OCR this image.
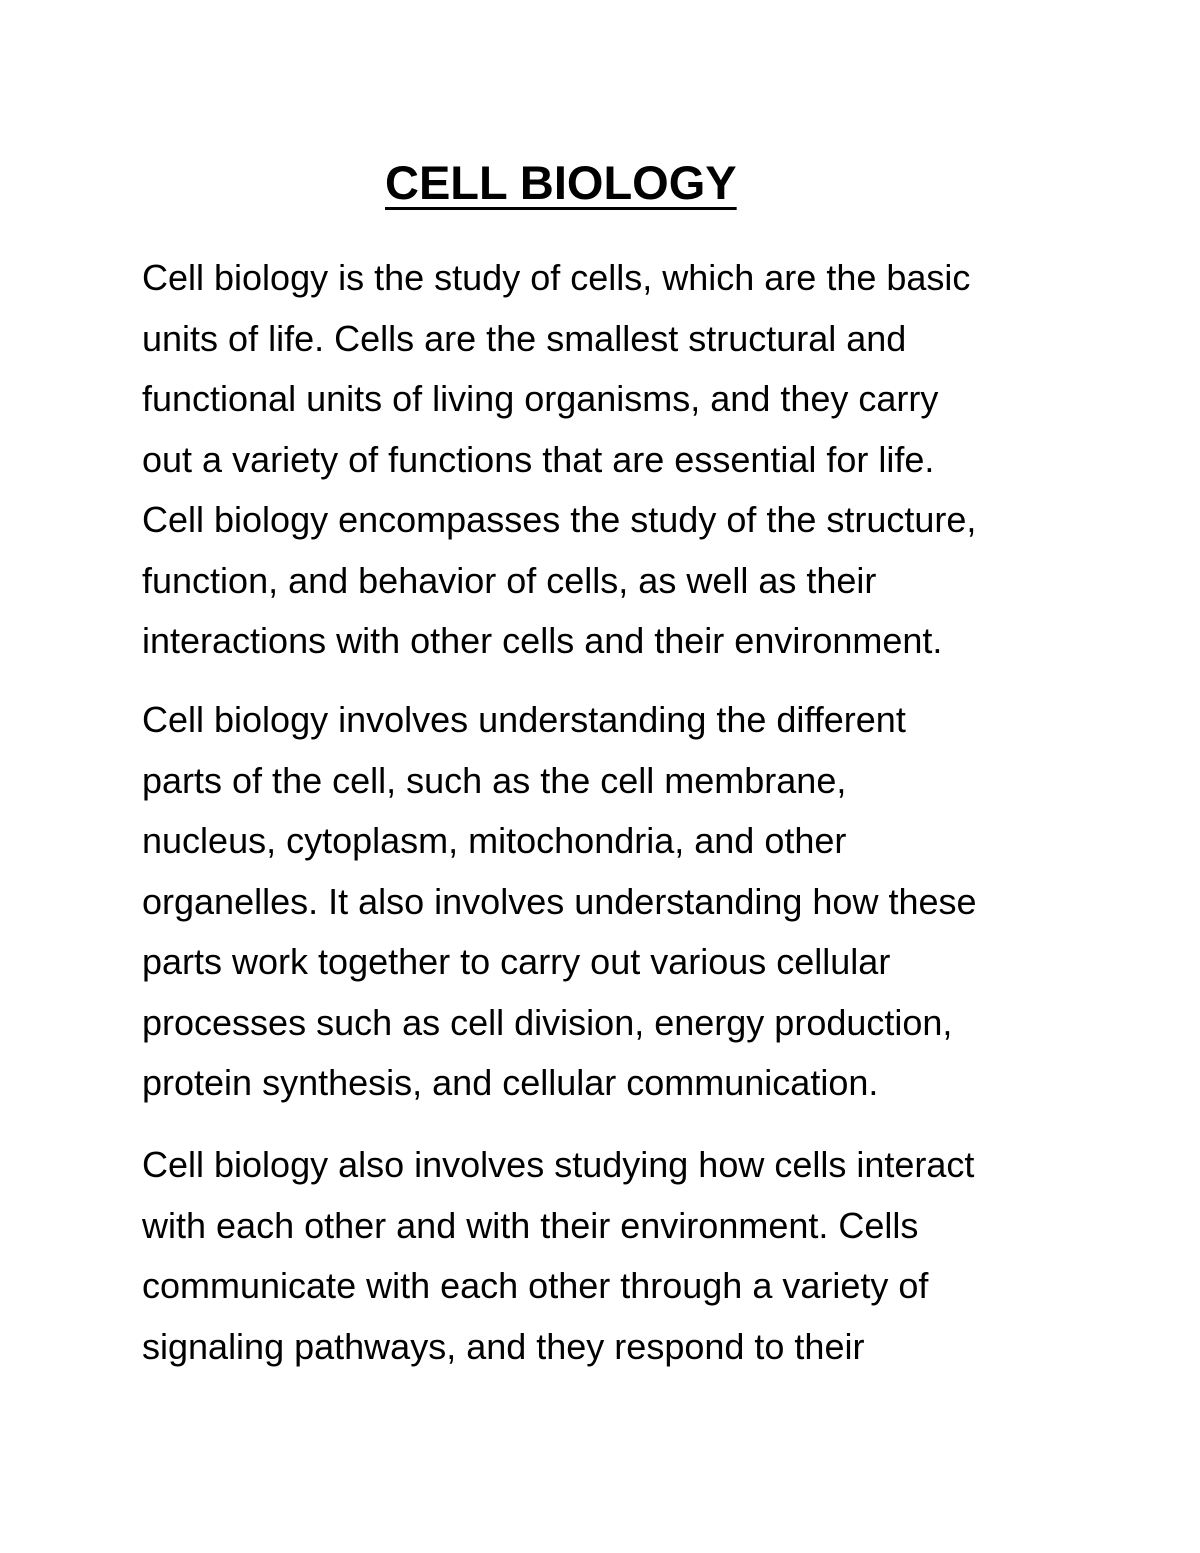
CELL BIOLOGY

Cell biology is the study of cells, which are the basic
units of life. Cells are the smallest structural and
functional units of living organisms, and they carry
out a variety of functions that are essential for life.
Cell biology encompasses the study of the structure,
function, and behavior of cells, as well as their
interactions with other cells and their environment.

Cell biology involves understanding the different
parts of the cell, such as the cell membrane,
nucleus, cytoplasm, mitochondria, and other
organelles. It also involves understanding how these
parts work together to carry out various cellular
processes such as cell division, energy production,
protein synthesis, and cellular communication.

Cell biology also involves studying how cells interact
with each other and with their environment. Cells
communicate with each other through a variety of
signaling pathways, and they respond to their
